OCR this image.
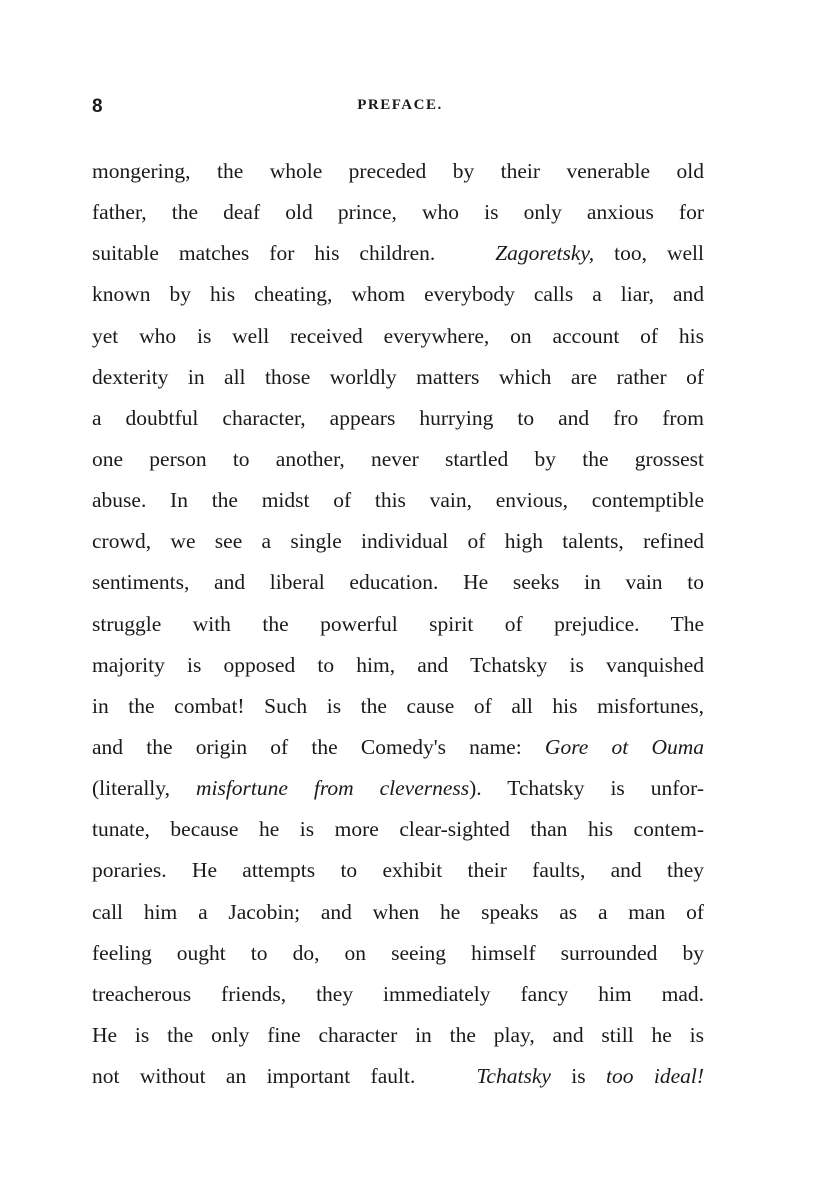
8	PREFACE.
mongering, the whole preceded by their venerable old
father, the deaf old prince, who is only anxious for
suitable matches for his children.	Zagoretsky, too, well
known by his cheating, whom everybody calls a liar, and
yet who is well received everywhere, on account of his
dexterity in all those worldly matters which are rather of
a doubtful character, appears hurrying to and fro from
one person to another, never startled by the grossest
abuse. In the midst of this vain, envious, contemptible
crowd, we see a single individual of high talents, refined
sentiments, and liberal education. He seeks in vain to
struggle with the powerful spirit of prejudice. The
majority is opposed to him, and Tchatsky is vanquished
in the combat! Such is the cause of all his misfortunes,
and the origin of the Comedy's name: Gore ot Ouma
(literally, misfortune from cleverness). Tchatsky is unfor-
tunate, because he is more clear-sighted than his contem-
poraries. He attempts to exhibit their faults, and they
call him a Jacobin; and when he speaks as a man of
feeling ought to do, on seeing himself surrounded by
treacherous friends, they immediately fancy him mad.
He is the only fine character in the play, and still he is
not without an important fault.	Tchatsky is too ideal!
